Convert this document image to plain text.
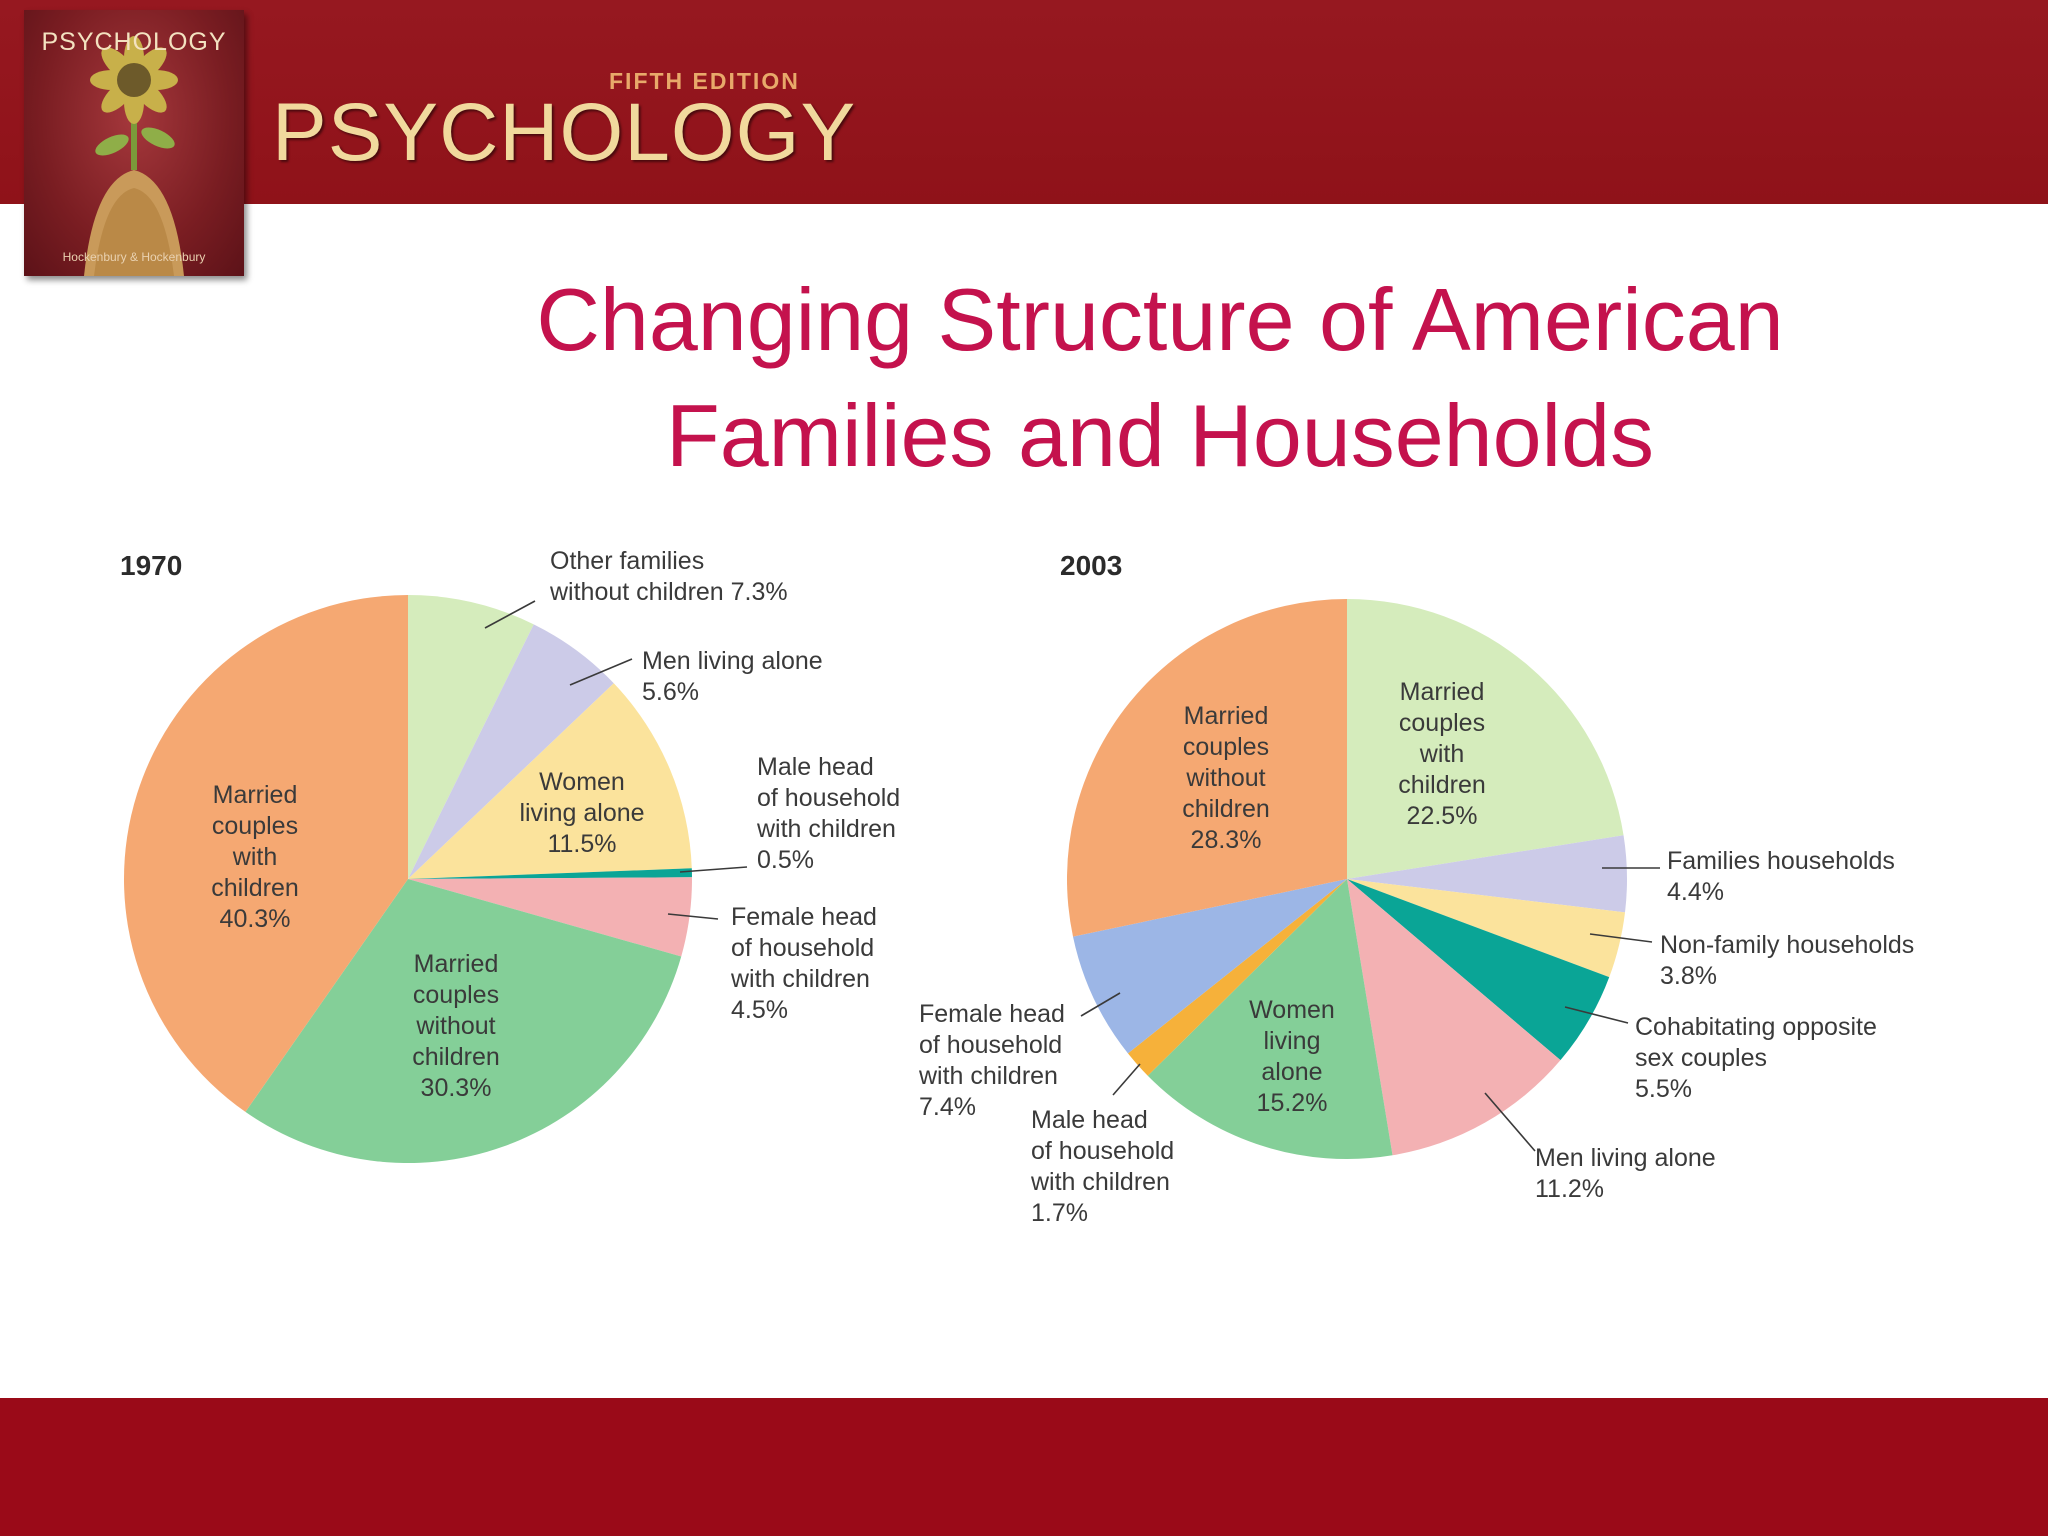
PSYCHOLOGY
Hockenbury & Hockenbury
FIFTH EDITION
PSYCHOLOGY
Changing Structure of American
Families and Households
1970	Other families without children 7.3%
Men living alone 5.6%
Women living alone 11.5%
Male head of household with children 0.5%
Female head of household with children 4.5%
Married couples without children 30.3%
Married couples with children 40.3%
2003
Married couples with children 22.5%
Families households 4.4%
Non-family households 3.8%
Cohabitating opposite sex couples 5.5%
Men living alone 11.2%
Women living alone 15.2%
Male head of household with children 1.7%
Female head of household with children 7.4%
Married couples without children 28.3%
